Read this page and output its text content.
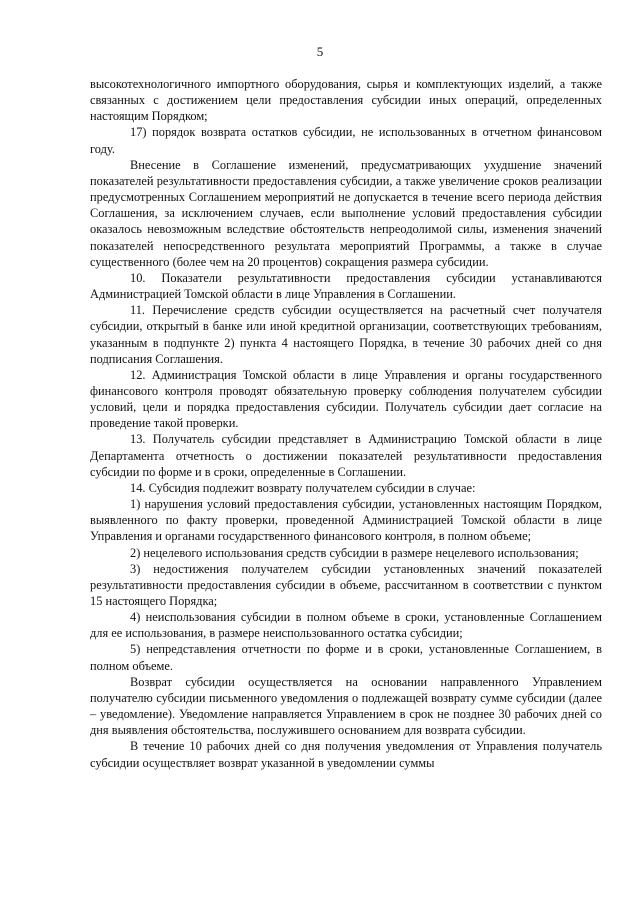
5

высокотехнологичного импортного оборудования, сырья и комплектующих изделий, а также связанных с достижением цели предоставления субсидии иных операций, определенных настоящим Порядком;

17) порядок возврата остатков субсидии, не использованных в отчетном финансовом году.

Внесение в Соглашение изменений, предусматривающих ухудшение значений показателей результативности предоставления субсидии, а также увеличение сроков реализации предусмотренных Соглашением мероприятий не допускается в течение всего периода действия Соглашения, за исключением случаев, если выполнение условий предоставления субсидии оказалось невозможным вследствие обстоятельств непреодолимой силы, изменения значений показателей непосредственного результата мероприятий Программы, а также в случае существенного (более чем на 20 процентов) сокращения размера субсидии.

10. Показатели результативности предоставления субсидии устанавливаются Администрацией Томской области в лице Управления в Соглашении.

11. Перечисление средств субсидии осуществляется на расчетный счет получателя субсидии, открытый в банке или иной кредитной организации, соответствующих требованиям, указанным в подпункте 2) пункта 4 настоящего Порядка, в течение 30 рабочих дней со дня подписания Соглашения.

12. Администрация Томской области в лице Управления и органы государственного финансового контроля проводят обязательную проверку соблюдения получателем субсидии условий, цели и порядка предоставления субсидии. Получатель субсидии дает согласие на проведение такой проверки.

13. Получатель субсидии представляет в Администрацию Томской области в лице Департамента отчетность о достижении показателей результативности предоставления субсидии по форме и в сроки, определенные в Соглашении.

14. Субсидия подлежит возврату получателем субсидии в случае:

1) нарушения условий предоставления субсидии, установленных настоящим Порядком, выявленного по факту проверки, проведенной Администрацией Томской области в лице Управления и органами государственного финансового контроля, в полном объеме;

2) нецелевого использования средств субсидии в размере нецелевого использования;

3) недостижения получателем субсидии установленных значений показателей результативности предоставления субсидии в объеме, рассчитанном в соответствии с пунктом 15 настоящего Порядка;

4) неиспользования субсидии в полном объеме в сроки, установленные Соглашением для ее использования, в размере неиспользованного остатка субсидии;

5) непредставления отчетности по форме и в сроки, установленные Соглашением, в полном объеме.

Возврат субсидии осуществляется на основании направленного Управлением получателю субсидии письменного уведомления о подлежащей возврату сумме субсидии (далее – уведомление). Уведомление направляется Управлением в срок не позднее 30 рабочих дней со дня выявления обстоятельства, послужившего основанием для возврата субсидии.

В течение 10 рабочих дней со дня получения уведомления от Управления получатель субсидии осуществляет возврат указанной в уведомлении суммы
